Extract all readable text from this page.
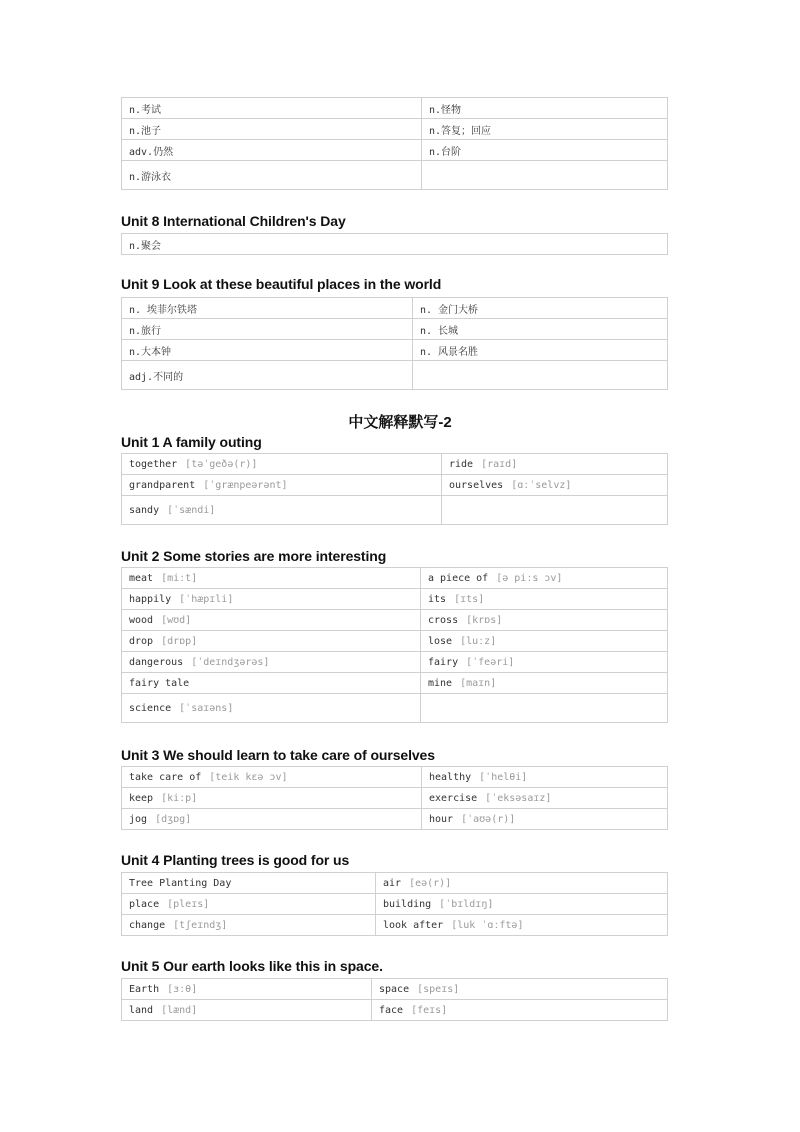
n.考试	n.怪物
n.池子	n.答复；回应
adv.仍然	n.台阶
n.游泳衣	
Unit 8 International Children's Day
n.聚会
Unit 9 Look at these beautiful places in the world
n. 埃菲尔铁塔	n. 金门大桥
n.旅行	n. 长城
n.大本钟	n. 风景名胜
adj.不同的	
中文解释默写-2
Unit 1 A family outing
together [təˈgeðə(r)]	ride [raɪd]
grandparent [ˈgrænpeərənt]	ourselves [ɑːˈselvz]
sandy [ˈsændi]	
Unit 2 Some stories are more interesting
meat [miːt]	a piece of [ə piːs ɔv]
happily [ˈhæpɪli]	its [ɪts]
wood [wʊd]	cross [krɒs]
drop [drɒp]	lose [luːz]
dangerous [ˈdeɪndʒərəs]	fairy [ˈfeəri]
fairy tale	mine [maɪn]
science [ˈsaɪəns]	
Unit 3 We should learn to take care of ourselves
take care of [teik kεə ɔv]	healthy [ˈhelθi]
keep [kiːp]	exercise [ˈeksəsaɪz]
jog [dʒɒg]	hour [ˈaʊə(r)]
Unit 4 Planting trees is good for us
Tree Planting Day	air [eə(r)]
place [pleɪs]	building [ˈbɪldɪŋ]
change [tʃeɪndʒ]	look after [luk ˈɑːftə]
Unit 5 Our earth looks like this in space.
Earth [ɜːθ]	space [speɪs]
land [lænd]	face [feɪs]
